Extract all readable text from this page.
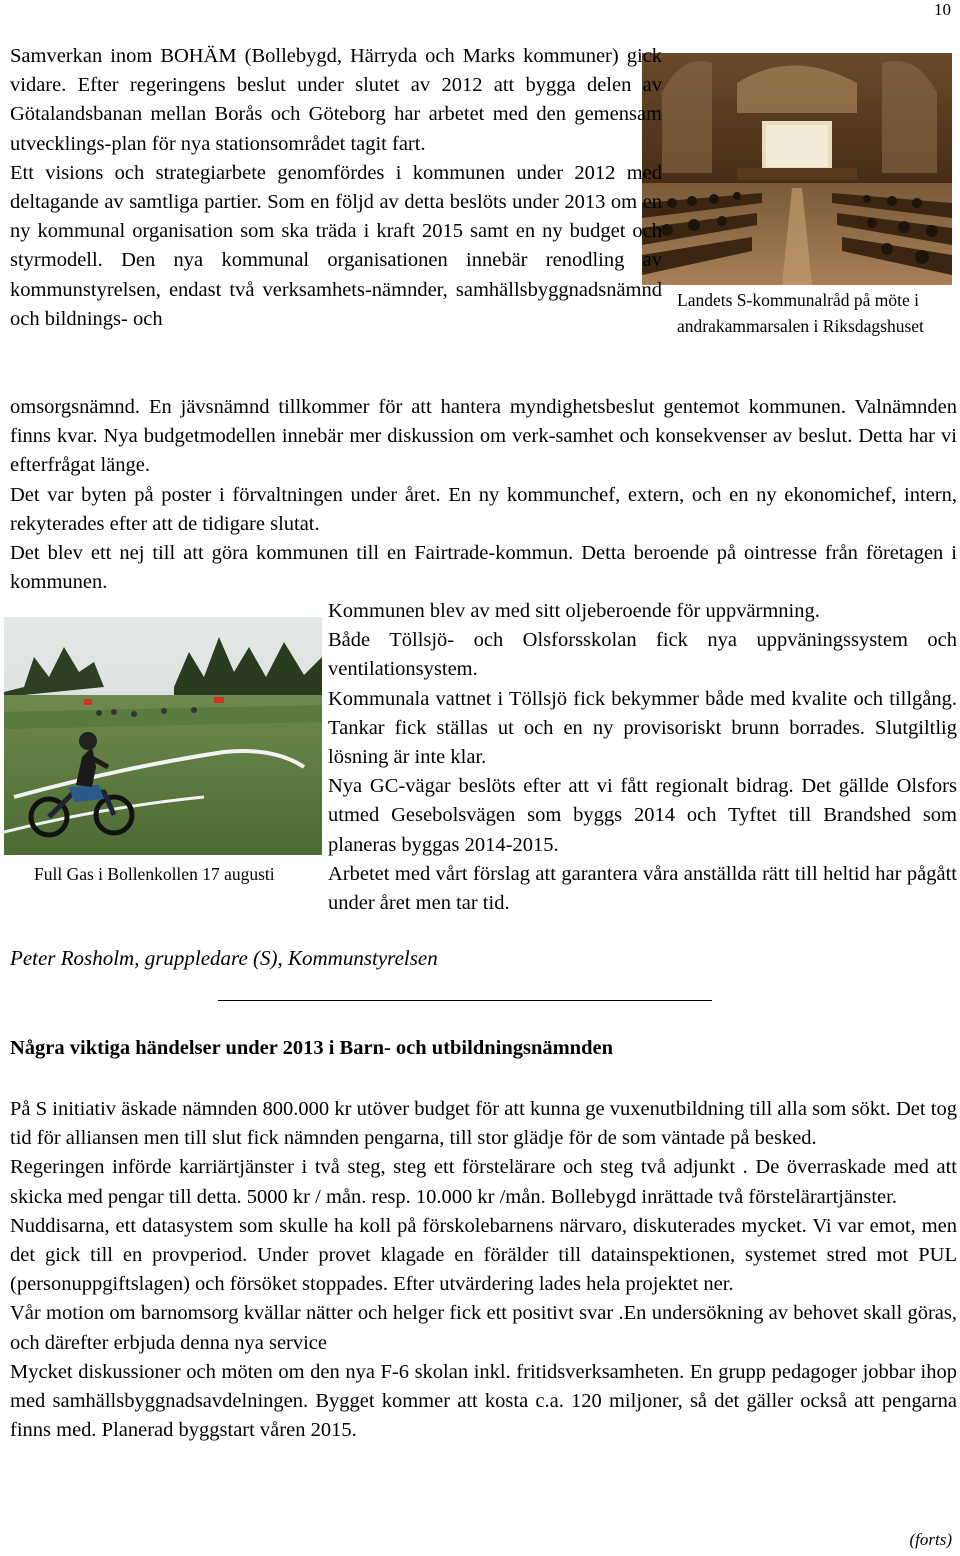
10

Samverkan inom BOHÄM (Bollebygd, Härryda och Marks kommuner) gick vidare. Efter regeringens beslut under slutet av 2012 att bygga delen av Götalandsbanan mellan Borås och Göteborg har arbetet med den gemensam utvecklings-plan för nya stationsområdet tagit fart.

Ett visions och strategiarbete genomfördes i kommunen under 2012 med deltagande av samtliga partier. Som en följd av detta beslöts under 2013 om en ny kommunal organisation som ska träda i kraft 2015 samt en ny budget och styrmodell. Den nya kommunal organisationen innebär renodling av kommunstyrelsen, endast två verksamhets-nämnder, samhällsbyggnadsnämnd och bildnings- och

Landets S-kommunalråd på möte i andrakammarsalen i Riksdagshuset

omsorgsnämnd. En jävsnämnd tillkommer för att hantera myndighetsbeslut gentemot kommunen. Valnämnden finns kvar. Nya budgetmodellen innebär mer diskussion om verk-samhet och konsekvenser av beslut. Detta har vi efterfrågat länge.

Det var byten på poster i förvaltningen under året. En ny kommunchef, extern, och en ny ekonomichef, intern, rekyterades efter att de tidigare slutat.

Det blev ett nej till att göra kommunen till en Fairtrade-kommun. Detta beroende på ointresse från företagen i kommunen.

Full Gas i Bollenkollen 17 augusti

Kommunen blev av med sitt oljeberoende för uppvärmning.

Både Töllsjö- och Olsforsskolan fick nya uppväningssystem och ventilationsystem.

Kommunala vattnet i Töllsjö fick bekymmer både med kvalite och tillgång. Tankar fick ställas ut och en ny provisoriskt brunn borrades. Slutgiltlig lösning är inte klar.

Nya GC-vägar beslöts efter att vi fått regionalt bidrag. Det gällde Olsfors utmed Gesebolsvägen som byggs 2014 och Tyftet till Brandshed som planeras byggas 2014-2015.

Arbetet med vårt förslag att garantera våra anställda rätt till heltid har pågått under året men tar tid.

Peter Rosholm, gruppledare (S), Kommunstyrelsen
Några viktiga händelser under 2013 i Barn- och utbildningsnämnden

På S initiativ äskade nämnden 800.000 kr utöver budget för att kunna ge vuxenutbildning till alla som sökt. Det tog tid för alliansen men till slut fick nämnden pengarna, till stor glädje för de som väntade på besked.

Regeringen införde karriärtjänster i två steg, steg ett förstelärare och steg två adjunkt . De överraskade med att skicka med pengar till detta. 5000 kr / mån. resp. 10.000 kr /mån. Bollebygd inrättade två förstelärartjänster.

Nuddisarna, ett datasystem som skulle ha koll på förskolebarnens närvaro, diskuterades mycket. Vi var emot, men det gick till en provperiod. Under provet klagade en förälder till datainspektionen, systemet stred mot PUL (personuppgiftslagen) och försöket stoppades. Efter utvärdering lades hela projektet ner.

Vår motion om barnomsorg kvällar nätter och helger fick ett positivt svar .En undersökning av behovet skall göras, och därefter erbjuda denna nya service

Mycket diskussioner och möten om den nya F-6 skolan inkl. fritidsverksamheten. En grupp pedagoger jobbar ihop med samhällsbyggnadsavdelningen. Bygget kommer att kosta c.a. 120 miljoner, så det gäller också att pengarna finns med. Planerad byggstart våren 2015.

(forts)
